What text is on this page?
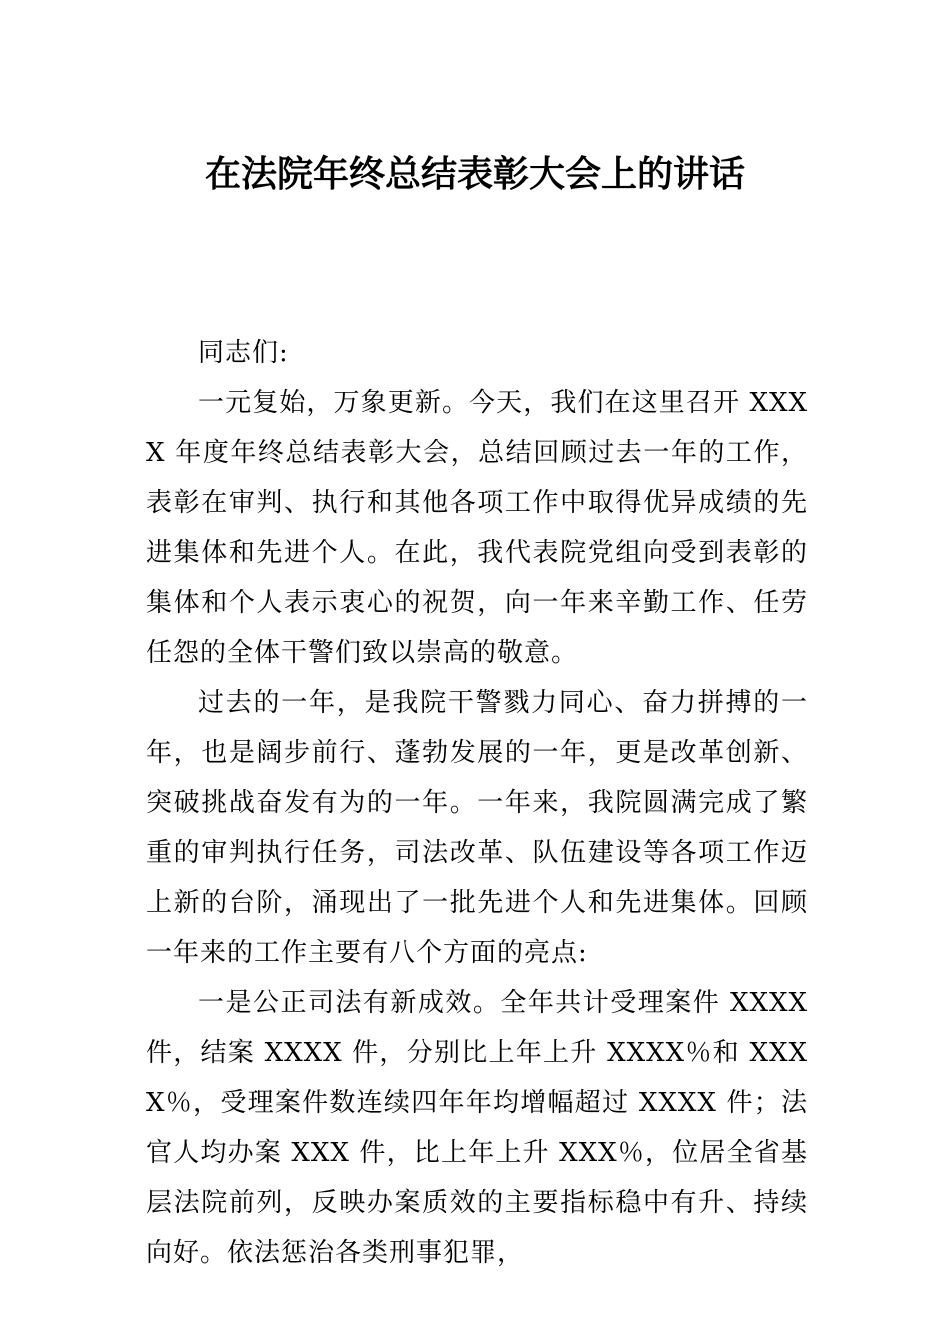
在法院年终总结表彰大会上的讲话

同志们:

一元复始，万象更新。今天，我们在这里召开 XXXX 年度年终总结表彰大会，总结回顾过去一年的工作，表彰在审判、执行和其他各项工作中取得优异成绩的先进集体和先进个人。在此，我代表院党组向受到表彰的集体和个人表示衷心的祝贺，向一年来辛勤工作、任劳任怨的全体干警们致以崇高的敬意。

过去的一年，是我院干警戮力同心、奋力拼搏的一年，也是阔步前行、蓬勃发展的一年，更是改革创新、突破挑战奋发有为的一年。一年来，我院圆满完成了繁重的审判执行任务，司法改革、队伍建设等各项工作迈上新的台阶，涌现出了一批先进个人和先进集体。回顾一年来的工作主要有八个方面的亮点:

一是公正司法有新成效。全年共计受理案件 XXXX 件，结案 XXXX 件，分别比上年上升 XXXX％和 XXXX％，受理案件数连续四年年均增幅超过 XXXX 件；法官人均办案 XXX 件，比上年上升 XXX％，位居全省基层法院前列，反映办案质效的主要指标稳中有升、持续向好。依法惩治各类刑事犯罪，
